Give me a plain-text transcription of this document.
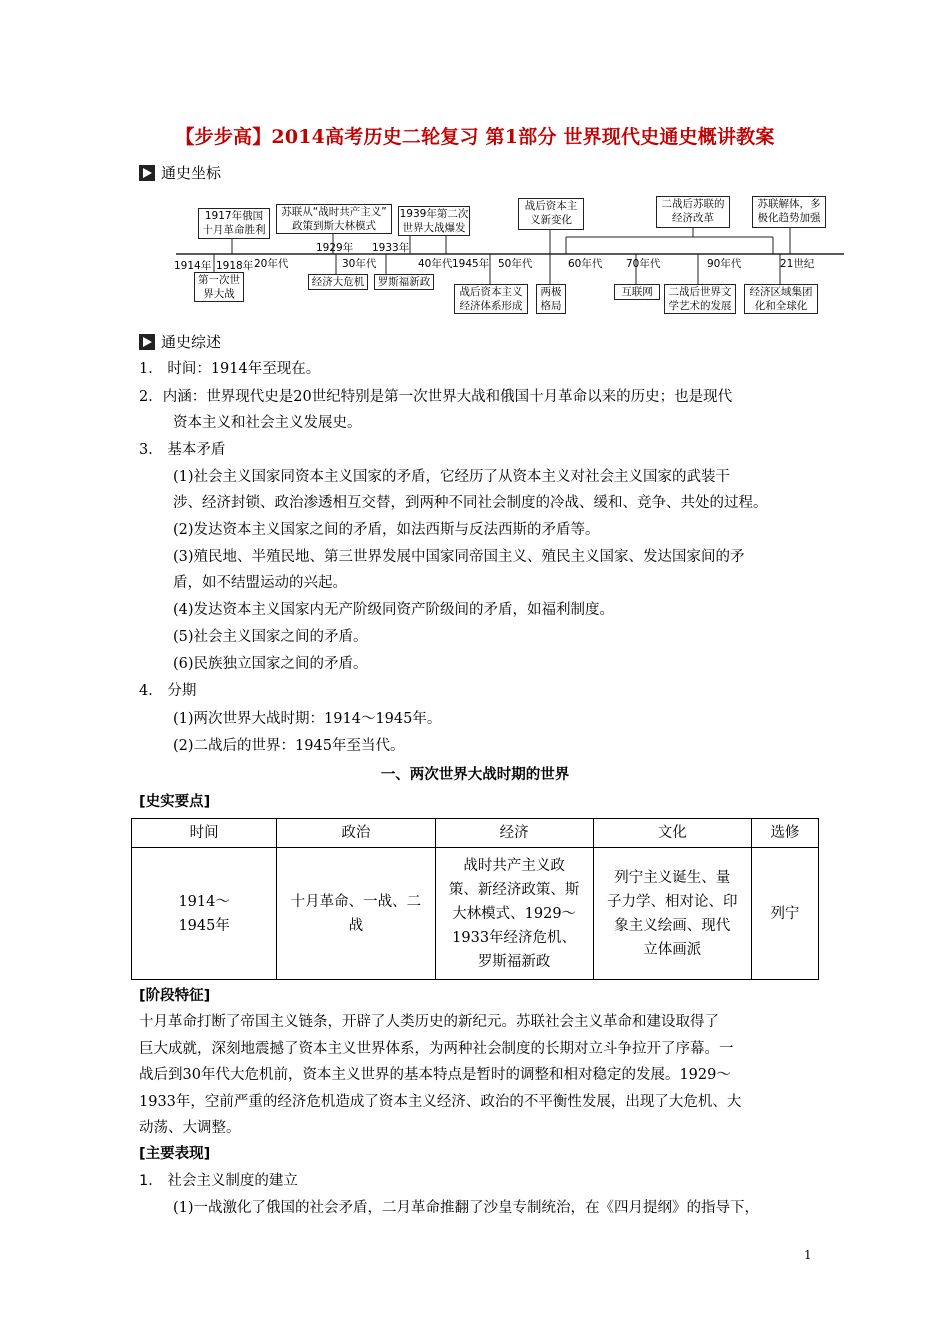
【步步高】2014高考历史二轮复习 第1部分 世界现代史通史概讲教案
通史坐标
1914年 1918年 20年代
1929年
30年代
1933年
40年代 1945年 50年代	60年代 70年代	90年代	21世纪
1917年俄国
十月革命胜利
苏联从“战时共产主义”
政策到斯大林模式
1939年第二次
世界大战爆发
战后资本主
义新变化
二战后苏联的
经济改革
苏联解体，多
极化趋势加强
第一次世
界大战
经济大危机	罗斯福新政
战后资本主义
经济体系形成
两极
格局
互联网	二战后世界文
学艺术的发展
经济区域集团
化和全球化
通史综述
1． 时间：1914年至现在。
2．内涵：世界现代史是20世纪特别是第一次世界大战和俄国十月革命以来的历史；也是现代
资本主义和社会主义发展史。
3． 基本矛盾
(1)社会主义国家同资本主义国家的矛盾，它经历了从资本主义对社会主义国家的武装干
涉、经济封锁、政治渗透相互交替，到两种不同社会制度的冷战、缓和、竞争、共处的过程。
(2)发达资本主义国家之间的矛盾，如法西斯与反法西斯的矛盾等。
(3)殖民地、半殖民地、第三世界发展中国家同帝国主义、殖民主义国家、发达国家间的矛
盾，如不结盟运动的兴起。
(4)发达资本主义国家内无产阶级同资产阶级间的矛盾，如福利制度。
(5)社会主义国家之间的矛盾。
(6)民族独立国家之间的矛盾。
4． 分期
(1)两次世界大战时期：1914～1945年。
(2)二战后的世界：1945年至当代。
一、两次世界大战时期的世界
[史实要点]
时间	政治	经济	文化	选修
1914～
1945年	十月革命、一战、二
战	战时共产主义政
策、新经济政策、斯
大林模式、1929～
1933年经济危机、
罗斯福新政	列宁主义诞生、量
子力学、相对论、印
象主义绘画、现代
立体画派	列宁
[阶段特征]
十月革命打断了帝国主义链条，开辟了人类历史的新纪元。苏联社会主义革命和建设取得了
巨大成就，深刻地震撼了资本主义世界体系，为两种社会制度的长期对立斗争拉开了序幕。一
战后到30年代大危机前，资本主义世界的基本特点是暂时的调整和相对稳定的发展。1929～
1933年，空前严重的经济危机造成了资本主义经济、政治的不平衡性发展，出现了大危机、大
动荡、大调整。
[主要表现]
1． 社会主义制度的建立
(1)一战激化了俄国的社会矛盾，二月革命推翻了沙皇专制统治，在《四月提纲》的指导下，
1
